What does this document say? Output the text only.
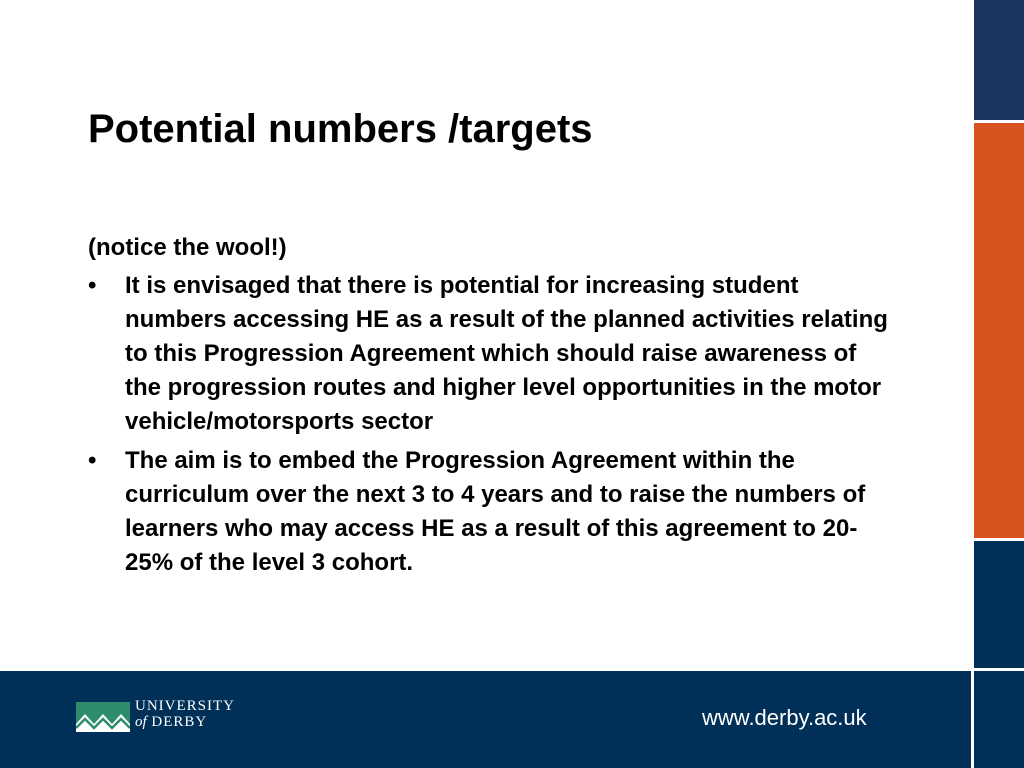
Potential numbers /targets

(notice the wool!)

• It is envisaged that there is potential for increasing student numbers accessing HE as a result of the planned activities relating to this Progression Agreement which should raise awareness of the progression routes and higher level opportunities in the motor vehicle/motorsports sector
• The aim is to embed the Progression Agreement within the curriculum over the next 3 to 4 years and to raise the numbers of learners who may access HE as a result of this agreement to 20-25% of the level 3 cohort.
UNIVERSITY
of DERBY	www.derby.ac.uk
